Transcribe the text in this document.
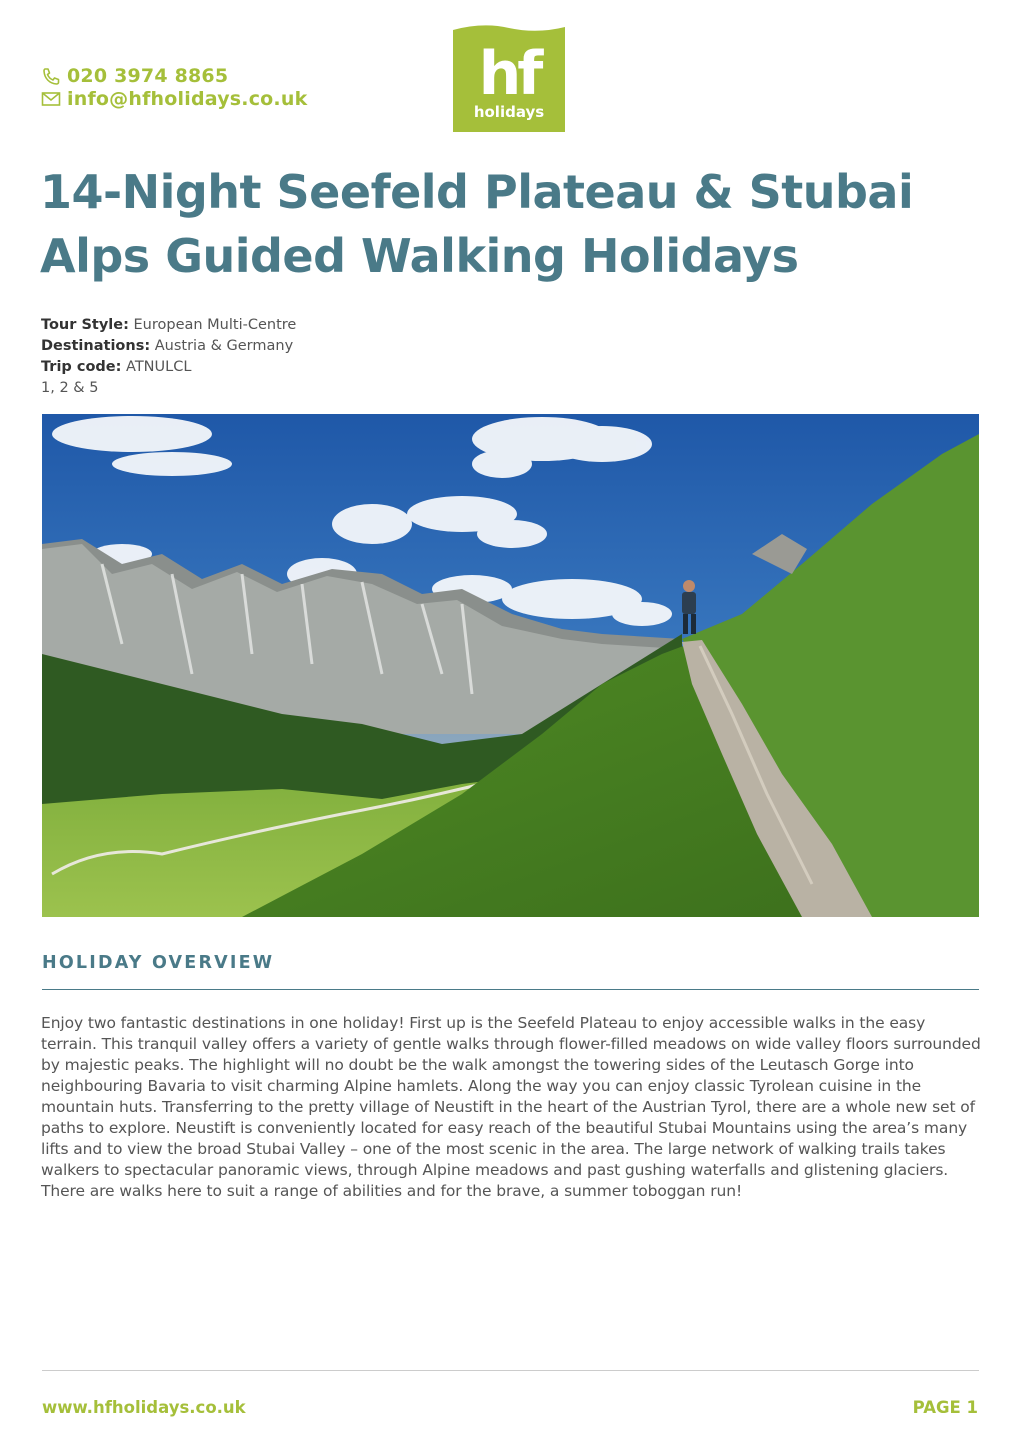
020 3974 8865
info@hfholidays.co.uk	hf
holidays
14-Night Seefeld Plateau & Stubai Alps Guided Walking Holidays
Tour Style: European Multi-Centre
Destinations: Austria & Germany
Trip code: ATNULCL
1, 2 & 5
HOLIDAY OVERVIEW

Enjoy two fantastic destinations in one holiday! First up is the Seefeld Plateau to enjoy accessible walks in the easy terrain. This tranquil valley offers a variety of gentle walks through flower-filled meadows on wide valley floors surrounded by majestic peaks. The highlight will no doubt be the walk amongst the towering sides of the Leutasch Gorge into neighbouring Bavaria to visit charming Alpine hamlets. Along the way you can enjoy classic Tyrolean cuisine in the mountain huts. Transferring to the pretty village of Neustift in the heart of the Austrian Tyrol, there are a whole new set of paths to explore. Neustift is conveniently located for easy reach of the beautiful Stubai Mountains using the area’s many lifts and to view the broad Stubai Valley – one of the most scenic in the area. The large network of walking trails takes walkers to spectacular panoramic views, through Alpine meadows and past gushing waterfalls and glistening glaciers. There are walks here to suit a range of abilities and for the brave, a summer toboggan run!

www.hfholidays.co.uk	PAGE 1
